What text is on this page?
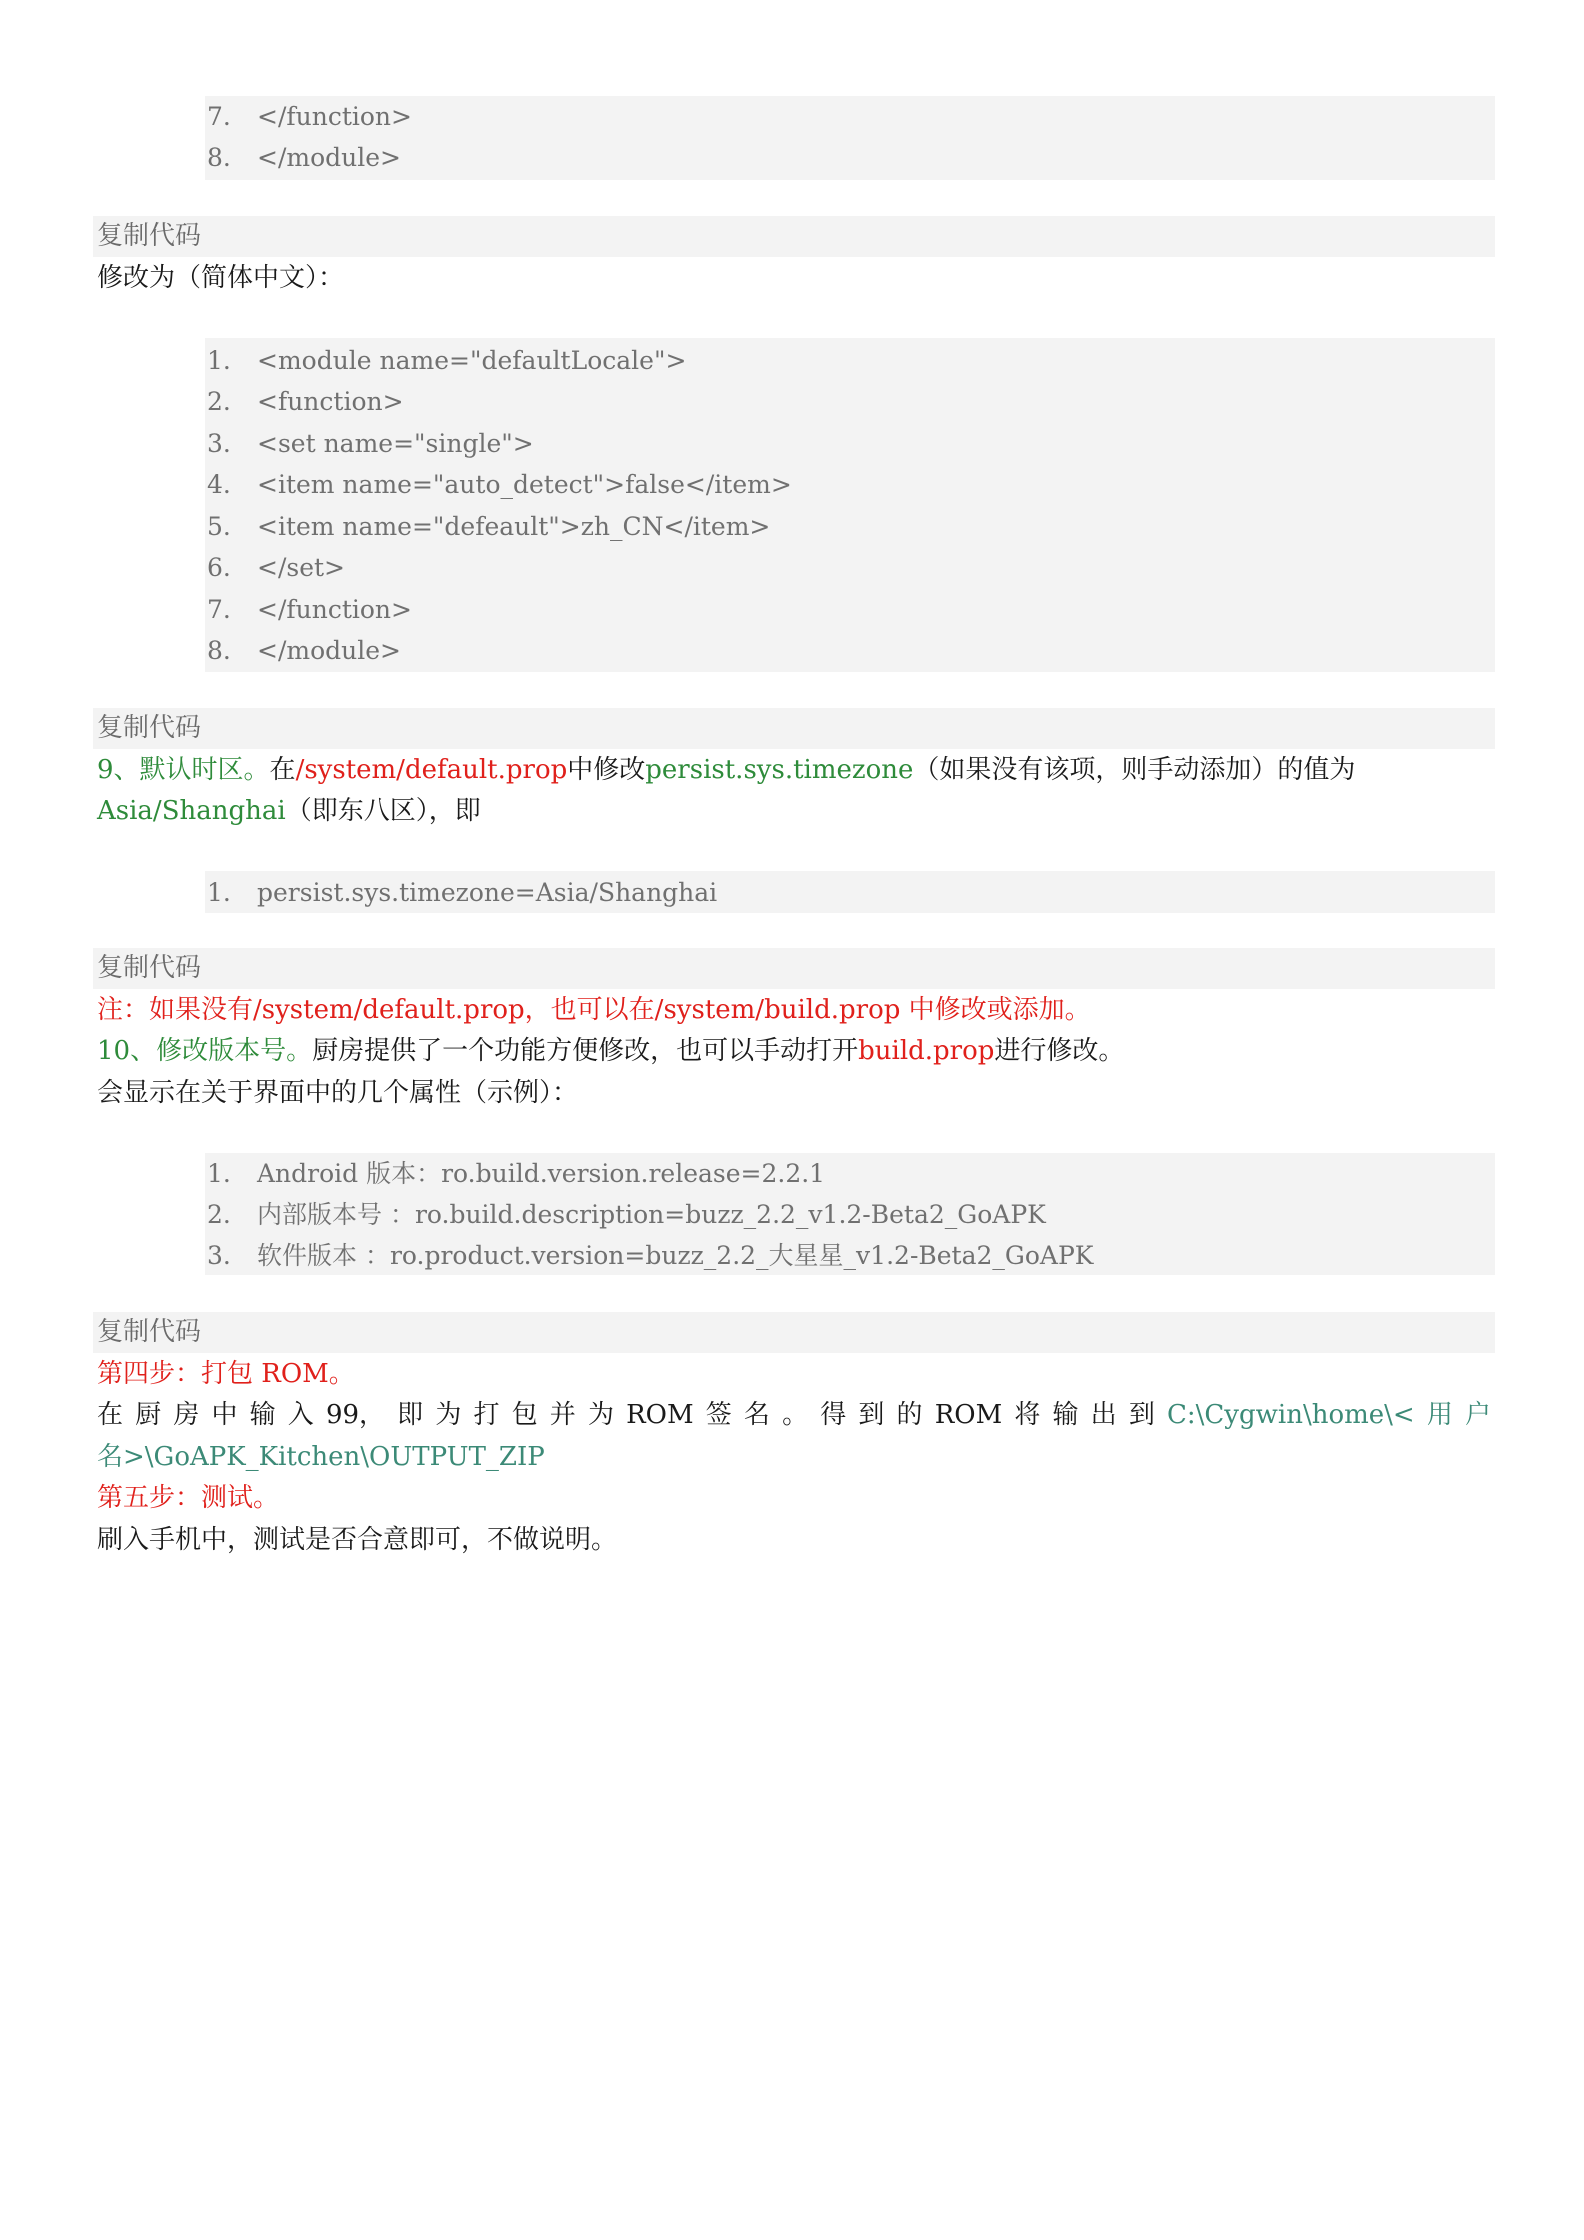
7. </function>
8. </module>
复制代码
修改为（简体中文）：
1. <module name="defaultLocale">
2. <function>
3. <set name="single">
4. <item name="auto_detect">false</item>
5. <item name="defeault">zh_CN</item>
6. </set>
7. </function>
8. </module>
复制代码
9、默认时区。在/system/default.prop中修改persist.sys.timezone（如果没有该项，则手动添加）的值为
Asia/Shanghai（即东八区），即
1. persist.sys.timezone=Asia/Shanghai
复制代码
注：如果没有/system/default.prop，也可以在/system/build.prop 中修改或添加。
10、修改版本号。厨房提供了一个功能方便修改，也可以手动打开build.prop进行修改。
会显示在关于界面中的几个属性（示例）：
1. Android 版本：ro.build.version.release=2.2.1
2. 内部版本号 ：ro.build.description=buzz_2.2_v1.2-Beta2_GoAPK
3. 软件版本 ：ro.product.version=buzz_2.2_大星星_v1.2-Beta2_GoAPK
复制代码
第四步：打包 ROM。
在 厨 房 中 输 入 99， 即 为 打 包 并 为 ROM 签 名 。 得 到 的 ROM 将 输 出 到 C:\Cygwin\home\< 用 户
名>\GoAPK_Kitchen\OUTPUT_ZIP
第五步：测试。
刷入手机中，测试是否合意即可，不做说明。
